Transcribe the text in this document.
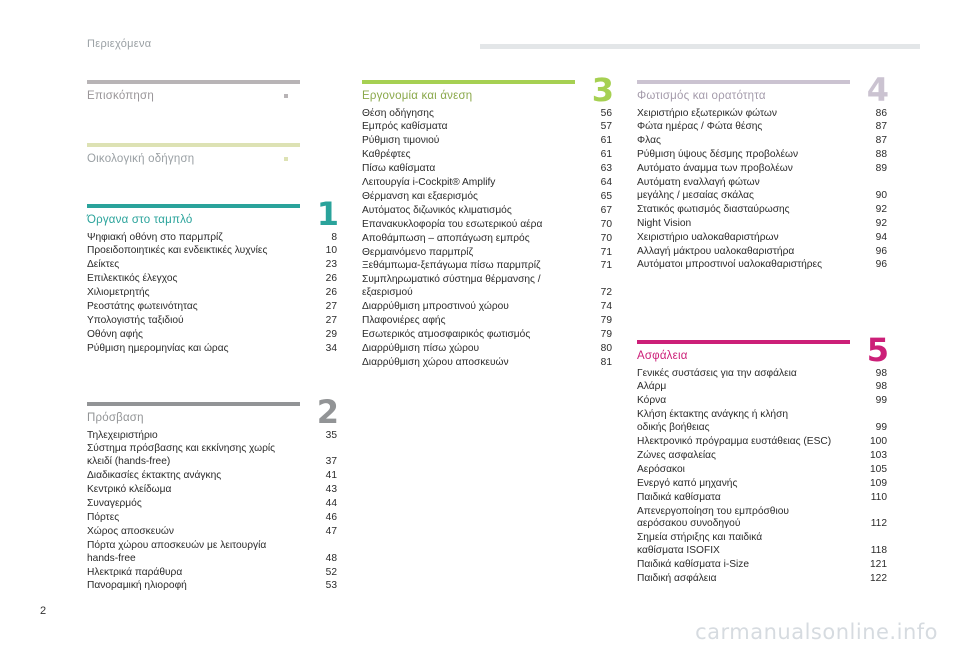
Περιεχόμενα
Επισκόπηση
Οικολογική οδήγηση
Όργανα στο ταμπλό	1
Ψηφιακή οθόνη στο παρμπρίζ	8
Προειδοποιητικές και ενδεικτικές λυχνίες	10
Δείκτες	23
Επιλεκτικός έλεγχος	26
Χιλιομετρητής	26
Ρεοστάτης φωτεινότητας	27
Υπολογιστής ταξιδιού	27
Οθόνη αφής	29
Ρύθμιση ημερομηνίας και ώρας	34
Πρόσβαση	2
Τηλεχειριστήριο	35
Σύστημα πρόσβασης και εκκίνησης χωρίς
κλειδί (hands-free)	37
Διαδικασίες έκτακτης ανάγκης	41
Κεντρικό κλείδωμα	43
Συναγερμός	44
Πόρτες	46
Χώρος αποσκευών	47
Πόρτα χώρου αποσκευών με λειτουργία
hands-free	48
Ηλεκτρικά παράθυρα	52
Πανοραμική ηλιοροφή	53
Εργονομία και άνεση	3
Θέση οδήγησης	56
Εμπρός καθίσματα	57
Ρύθμιση τιμονιού	61
Καθρέφτες	61
Πίσω καθίσματα	63
Λειτουργία i-Cockpit® Amplify	64
Θέρμανση και εξαερισμός	65
Αυτόματος διζωνικός κλιματισμός	67
Επανακυκλοφορία του εσωτερικού αέρα	70
Αποθάμπωση – αποπάγωση εμπρός	70
Θερμαινόμενο παρμπρίζ	71
Ξεθάμπωμα-ξεπάγωμα πίσω παρμπρίζ	71
Συμπληρωματικό σύστημα θέρμανσης /
εξαερισμού	72
Διαρρύθμιση μπροστινού χώρου	74
Πλαφονιέρες αφής	79
Εσωτερικός ατμοσφαιρικός φωτισμός	79
Διαρρύθμιση πίσω χώρου	80
Διαρρύθμιση χώρου αποσκευών	81
Φωτισμός και ορατότητα	4
Χειριστήριο εξωτερικών φώτων	86
Φώτα ημέρας / Φώτα θέσης	87
Φλας	87
Ρύθμιση ύψους δέσμης προβολέων	88
Αυτόματο άναμμα των προβολέων	89
Αυτόματη εναλλαγή φώτων
μεγάλης / μεσαίας σκάλας	90
Στατικός φωτισμός διασταύρωσης	92
Night Vision	92
Χειριστήριο υαλοκαθαριστήρων	94
Αλλαγή μάκτρου υαλοκαθαριστήρα	96
Αυτόματοι μπροστινοί υαλοκαθαριστήρες	96
Ασφάλεια	5
Γενικές συστάσεις για την ασφάλεια	98
Αλάρμ	98
Κόρνα	99
Κλήση έκτακτης ανάγκης ή κλήση
οδικής βοήθειας	99
Ηλεκτρονικό πρόγραμμα ευστάθειας (ESC)	100
Ζώνες ασφαλείας	103
Αερόσακοι	105
Ενεργό καπό μηχανής	109
Παιδικά καθίσματα	110
Απενεργοποίηση του εμπρόσθιου
αερόσακου συνοδηγού	112
Σημεία στήριξης και παιδικά
καθίσματα ISOFIX	118
Παιδικά καθίσματα i-Size	121
Παιδική ασφάλεια	122
2
carmanualsonline.info
